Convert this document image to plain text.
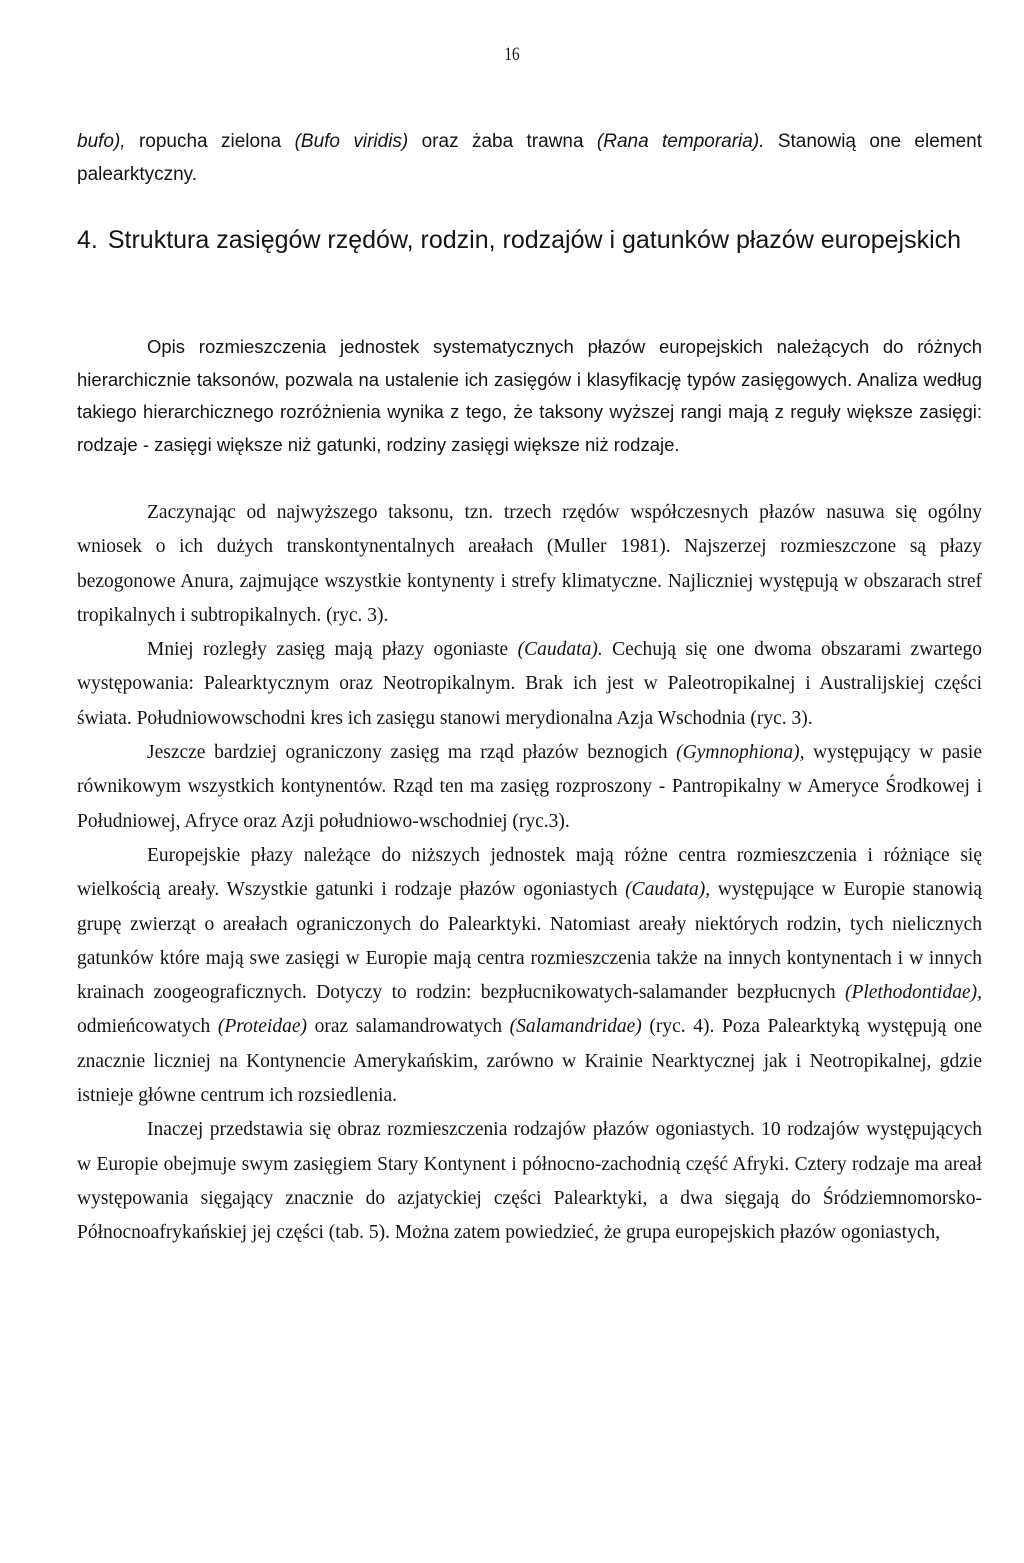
16

bufo), ropucha zielona (Bufo viridis) oraz żaba trawna (Rana temporaria). Stanowią one element palearktyczny.

4. Struktura zasięgów rzędów, rodzin, rodzajów i gatunków płazów europejskich

Opis rozmieszczenia jednostek systematycznych płazów europejskich należących do różnych hierarchicznie taksonów, pozwala na ustalenie ich zasięgów i klasyfikację typów zasięgowych. Analiza według takiego hierarchicznego rozróżnienia wynika z tego, że taksony wyższej rangi mają z reguły większe zasięgi: rodzaje - zasięgi większe niż gatunki, rodziny zasięgi większe niż rodzaje.

Zaczynając od najwyższego taksonu, tzn. trzech rzędów współczesnych płazów nasuwa się ogólny wniosek o ich dużych transkontynentalnych areałach (Muller 1981). Najszerzej rozmieszczone są płazy bezogonowe Anura, zajmujące wszystkie kontynenty i strefy klimatyczne. Najliczniej występują w obszarach stref tropikalnych i subtropikalnych. (ryc. 3).

Mniej rozległy zasięg mają płazy ogoniaste (Caudata). Cechują się one dwoma obszarami zwartego występowania: Palearktycznym oraz Neotropikalnym. Brak ich jest w Paleotropikalnej i Australijskiej części świata. Południowowschodni kres ich zasięgu stanowi merydionalna Azja Wschodnia (ryc. 3).

Jeszcze bardziej ograniczony zasięg ma rząd płazów beznogich (Gymnophiona), występujący w pasie równikowym wszystkich kontynentów. Rząd ten ma zasięg rozproszony - Pantropikalny w Ameryce Środkowej i Południowej, Afryce oraz Azji południowo-wschodniej (ryc.3).

Europejskie płazy należące do niższych jednostek mają różne centra rozmieszczenia i różniące się wielkością areały. Wszystkie gatunki i rodzaje płazów ogoniastych (Caudata), występujące w Europie stanowią grupę zwierząt o areałach ograniczonych do Palearktyki. Natomiast areały niektórych rodzin, tych nielicznych gatunków które mają swe zasięgi w Europie mają centra rozmieszczenia także na innych kontynentach i w innych krainach zoogeograficznych. Dotyczy to rodzin: bezpłucnikowatych-salamander bezpłucnych (Plethodontidae), odmieńcowatych (Proteidae) oraz salamandrowatych (Salamandridae) (ryc. 4). Poza Palearktyką występują one znacznie liczniej na Kontynencie Amerykańskim, zarówno w Krainie Nearktycznej jak i Neotropikalnej, gdzie istnieje główne centrum ich rozsiedlenia.

Inaczej przedstawia się obraz rozmieszczenia rodzajów płazów ogoniastych. 10 rodzajów występujących w Europie obejmuje swym zasięgiem Stary Kontynent i północno-zachodnią część Afryki. Cztery rodzaje ma areał występowania sięgający znacznie do azjatyckiej części Palearktyki, a dwa sięgają do Śródziemnomorsko-Północnoafrykańskiej jej części (tab. 5). Można zatem powiedzieć, że grupa europejskich płazów ogoniastych,
